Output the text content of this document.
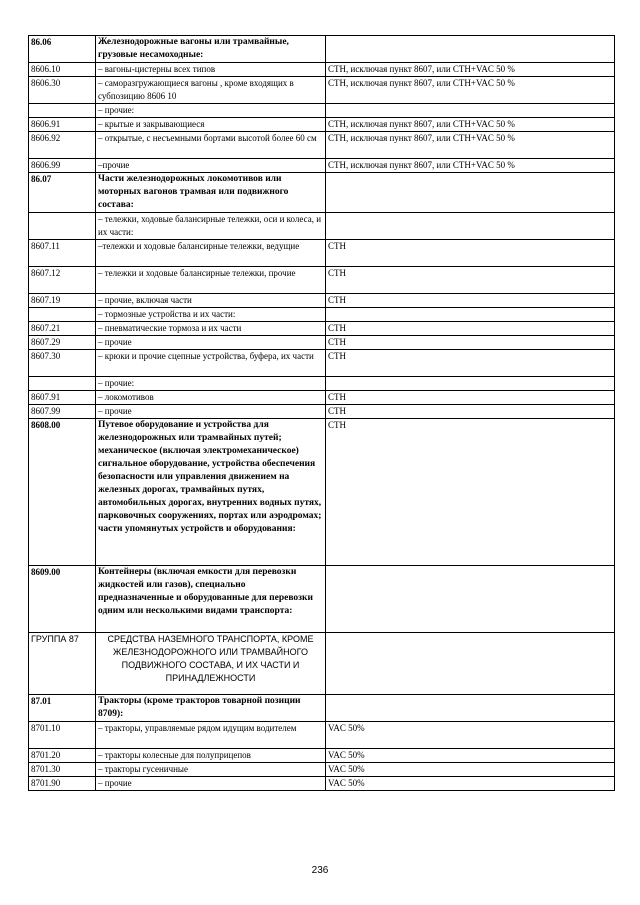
86.06	Железнодорожные вагоны или трамвайные, грузовые несамоходные:	
8606.10	– вагоны-цистерны всех типов	СТН, исключая пункт 8607, или СТН+VAC 50 %
8606.30	– саморазгружающиеся вагоны , кроме входящих в субпозицию 8606 10	СТН, исключая пункт 8607, или СТН+VAC 50 %
	– прочие:	
8606.91	– крытые и закрывающиеся	СТН, исключая пункт 8607, или СТН+VAC 50 %
8606.92	– открытые, с несъемными бортами высотой более 60 см	СТН, исключая пункт 8607, или СТН+VAC 50 %
8606.99	–прочие	СТН, исключая пункт 8607, или СТН+VAC 50 %
86.07	Части железнодорожных локомотивов или моторных вагонов трамвая или подвижного состава:	
	– тележки, ходовые балансирные тележки, оси и колеса, и их части:	
8607.11	–тележки и ходовые балансирные тележки, ведущие	СТН
8607.12	– тележки и ходовые балансирные тележки, прочие	СТН
8607.19	– прочие, включая части	СТН
	– тормозные устройства и их части:	
8607.21	– пневматические тормоза и их части	СТН
8607.29	– прочие	СТН
8607.30	– крюки и прочие сцепные устройства, буфера, их части	СТН
	– прочие:	
8607.91	– локомотивов	СТН
8607.99	– прочие	СТН
8608.00	Путевое оборудование и устройства для железнодорожных или трамвайных путей; механическое (включая электромеханическое) сигнальное оборудование, устройства обеспечения безопасности или управления движением на железных дорогах, трамвайных путях, автомобильных дорогах, внутренних водных путях, парковочных сооружениях, портах или аэродромах; части упомянутых устройств и оборудования:	СТН
8609.00	Контейнеры (включая емкости для перевозки жидкостей или газов), специально предназначенные и оборудованные для перевозки одним или несколькими видами транспорта:	
ГРУППА 87	СРЕДСТВА НАЗЕМНОГО ТРАНСПОРТА, КРОМЕ ЖЕЛЕЗНОДОРОЖНОГО ИЛИ ТРАМВАЙНОГО ПОДВИЖНОГО СОСТАВА, И ИХ ЧАСТИ И ПРИНАДЛЕЖНОСТИ	
87.01	Тракторы (кроме тракторов товарной позиции 8709):	
8701.10	– тракторы, управляемые рядом идущим водителем	VAC 50%
8701.20	– тракторы колесные для полуприцепов	VAC 50%
8701.30	– тракторы гусеничные	VAC 50%
8701.90	– прочие	VAC 50%
236
